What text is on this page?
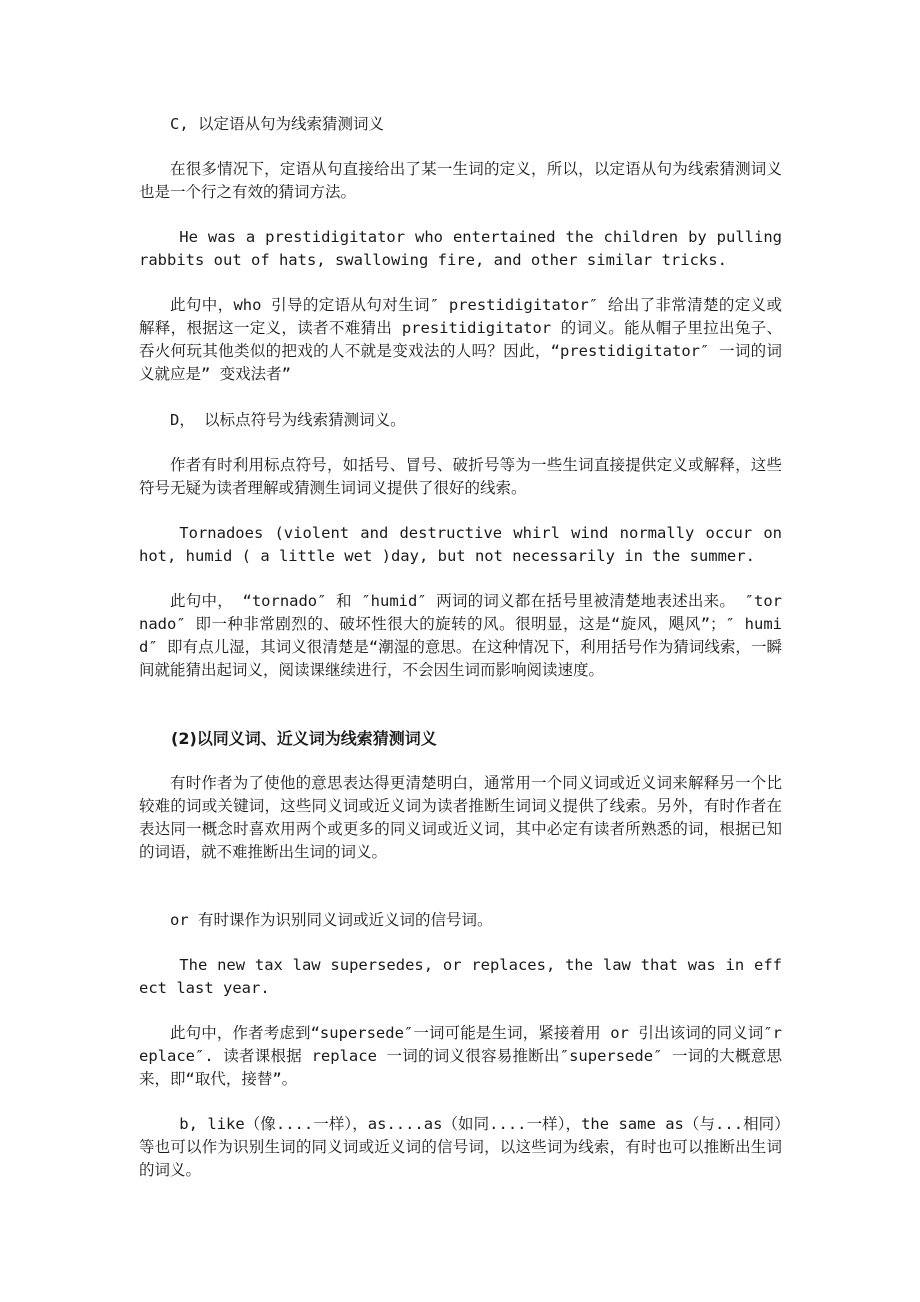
C, 以定语从句为线索猜测词义

在很多情况下，定语从句直接给出了某一生词的定义，所以，以定语从句为线索猜测词义也是一个行之有效的猜词方法。

He was a prestidigitator who entertained the children by pulling rabbits out of hats, swallowing fire, and other similar tricks.

此句中，who 引导的定语从句对生词″ prestidigitator″ 给出了非常清楚的定义或解释，根据这一定义，读者不难猜出 presitidigitator 的词义。能从帽子里拉出兔子、吞火何玩其他类似的把戏的人不就是变戏法的人吗？因此，“prestidigitator″ 一词的词义就应是” 变戏法者”

D， 以标点符号为线索猜测词义。

作者有时利用标点符号，如括号、冒号、破折号等为一些生词直接提供定义或解释，这些符号无疑为读者理解或猜测生词词义提供了很好的线索。

Tornadoes (violent and destructive whirl wind normally occur on hot, humid ( a little wet )day, but not necessarily in the summer.

此句中， “tornado″ 和 ″humid″ 两词的词义都在括号里被清楚地表述出来。 ″tornado″ 即一种非常剧烈的、破坏性很大的旋转的风。很明显，这是“旋风，飓风”；″ humid″ 即有点儿湿，其词义很清楚是“潮湿的意思。在这种情况下，利用括号作为猜词线索，一瞬间就能猜出起词义，阅读课继续进行，不会因生词而影响阅读速度。

(2)以同义词、近义词为线索猜测词义

有时作者为了使他的意思表达得更清楚明白，通常用一个同义词或近义词来解释另一个比较难的词或关键词，这些同义词或近义词为读者推断生词词义提供了线索。另外，有时作者在表达同一概念时喜欢用两个或更多的同义词或近义词，其中必定有读者所熟悉的词，根据已知的词语，就不难推断出生词的词义。

or 有时课作为识别同义词或近义词的信号词。

The new tax law supersedes, or replaces, the law that was in effect last year.

此句中，作者考虑到“supersede″一词可能是生词，紧接着用 or 引出该词的同义词″replace″. 读者课根据 replace 一词的词义很容易推断出″supersede″ 一词的大概意思来，即“取代，接替”。

b, like（像....一样），as....as（如同....一样），the same as（与...相同）等也可以作为识别生词的同义词或近义词的信号词，以这些词为线索，有时也可以推断出生词的词义。
